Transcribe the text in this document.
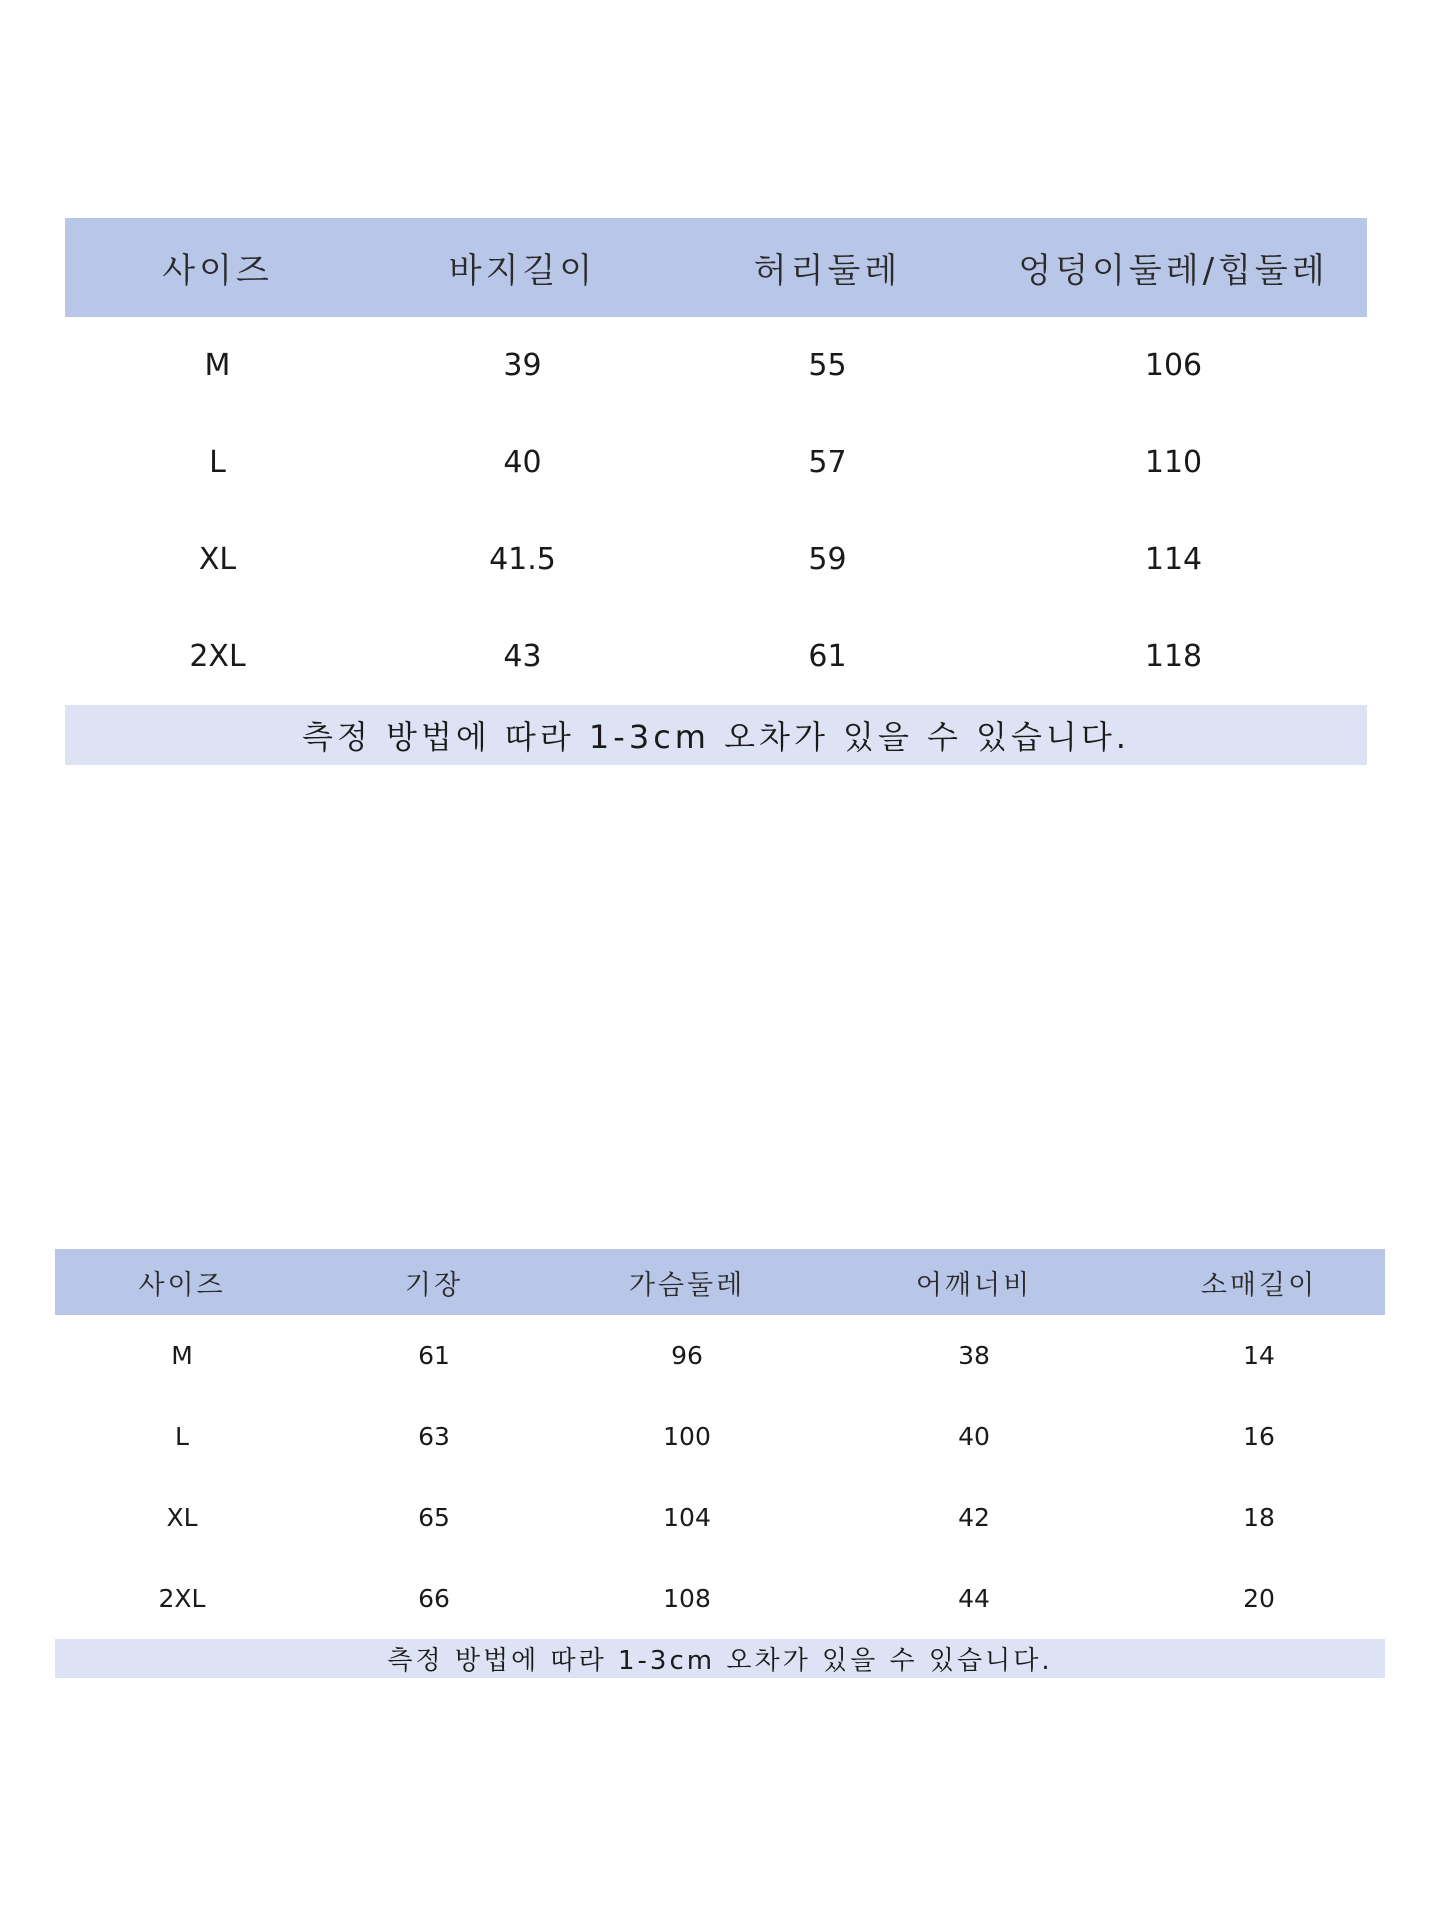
사이즈	바지길이	허리둘레	엉덩이둘레/힙둘레
M	39	55	106
L	40	57	110
XL	41.5	59	114
2XL	43	61	118
측정 방법에 따라 1-3cm 오차가 있을 수 있습니다.			
사이즈	기장	가슴둘레	어깨너비	소매길이
M	61	96	38	14
L	63	100	40	16
XL	65	104	42	18
2XL	66	108	44	20
측정 방법에 따라 1-3cm 오차가 있을 수 있습니다.				
